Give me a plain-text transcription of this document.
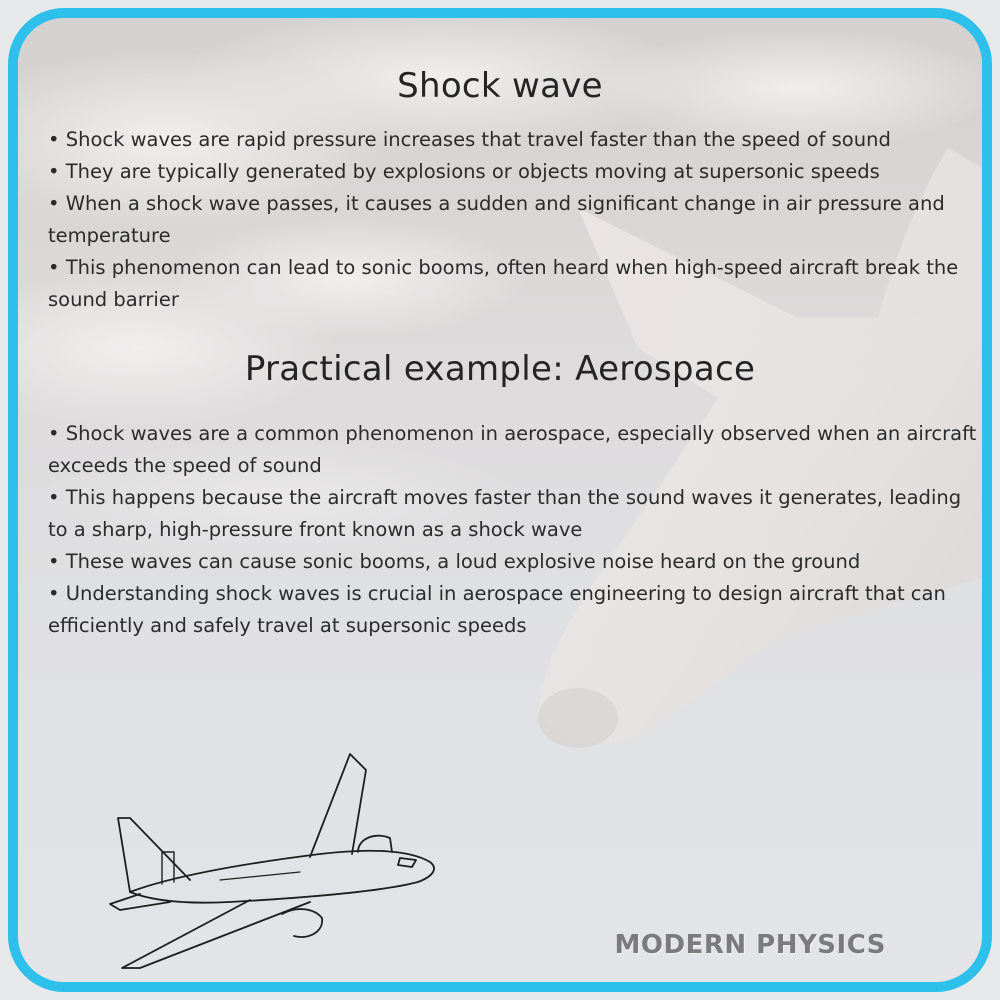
Shock wave
• Shock waves are rapid pressure increases that travel faster than the speed of sound
• They are typically generated by explosions or objects moving at supersonic speeds
• When a shock wave passes, it causes a sudden and significant change in air pressure and temperature
• This phenomenon can lead to sonic booms, often heard when high-speed aircraft break the sound barrier
Practical example: Aerospace
• Shock waves are a common phenomenon in aerospace, especially observed when an aircraft exceeds the speed of sound
• This happens because the aircraft moves faster than the sound waves it generates, leading to a sharp, high-pressure front known as a shock wave
• These waves can cause sonic booms, a loud explosive noise heard on the ground
• Understanding shock waves is crucial in aerospace engineering to design aircraft that can efficiently and safely travel at supersonic speeds
MODERN PHYSICS
